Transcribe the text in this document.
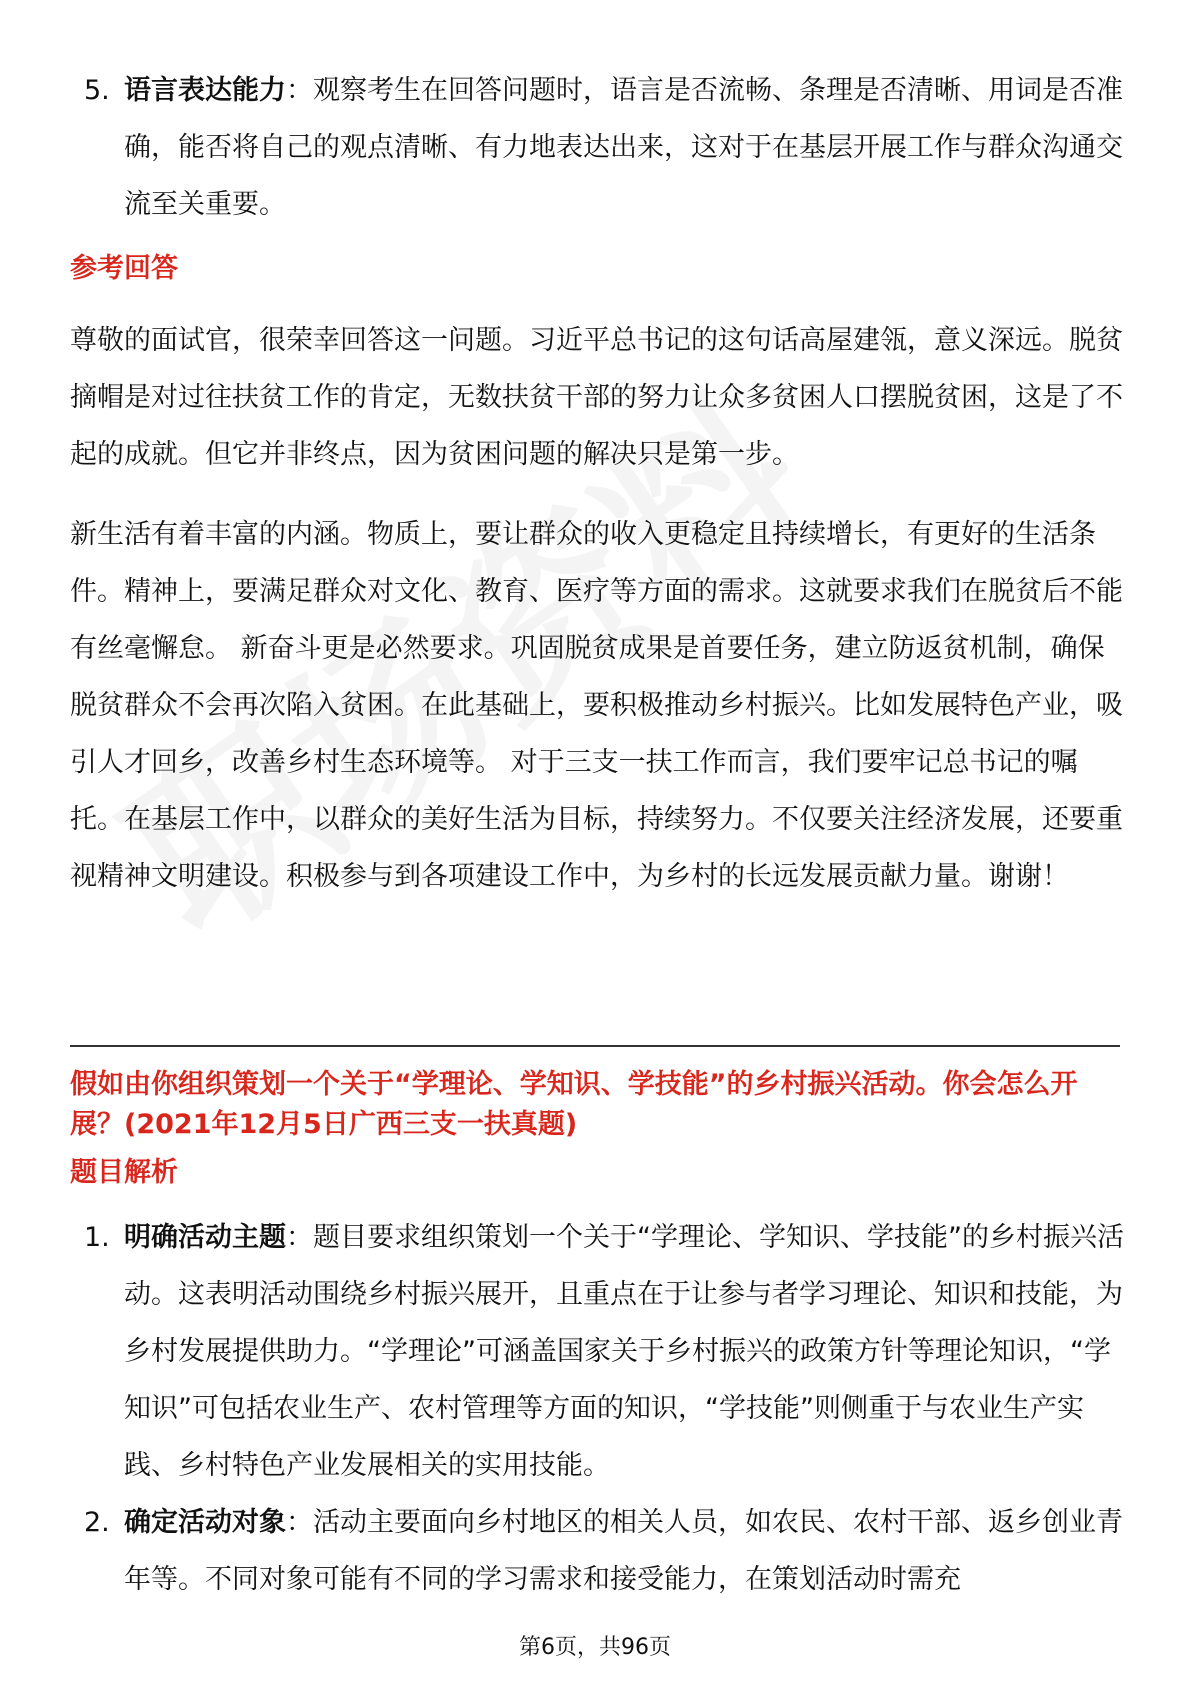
5. 语言表达能力：观察考生在回答问题时，语言是否流畅、条理是否清晰、用词是否准确，能否将自己的观点清晰、有力地表达出来，这对于在基层开展工作与群众沟通交流至关重要。
参考回答

尊敬的面试官，很荣幸回答这一问题。习近平总书记的这句话高屋建瓴，意义深远。脱贫摘帽是对过往扶贫工作的肯定，无数扶贫干部的努力让众多贫困人口摆脱贫困，这是了不起的成就。但它并非终点，因为贫困问题的解决只是第一步。

新生活有着丰富的内涵。物质上，要让群众的收入更稳定且持续增长，有更好的生活条件。精神上，要满足群众对文化、教育、医疗等方面的需求。这就要求我们在脱贫后不能有丝毫懈怠。 新奋斗更是必然要求。巩固脱贫成果是首要任务，建立防返贫机制，确保脱贫群众不会再次陷入贫困。在此基础上，要积极推动乡村振兴。比如发展特色产业，吸引人才回乡，改善乡村生态环境等。 对于三支一扶工作而言，我们要牢记总书记的嘱托。在基层工作中，以群众的美好生活为目标，持续努力。不仅要关注经济发展，还要重视精神文明建设。积极参与到各项建设工作中，为乡村的长远发展贡献力量。谢谢！

假如由你组织策划一个关于“学理论、学知识、学技能”的乡村振兴活动。你会怎么开展？(2021年12月5日广西三支一扶真题)
题目解析
1. 明确活动主题：题目要求组织策划一个关于“学理论、学知识、学技能”的乡村振兴活动。这表明活动围绕乡村振兴展开，且重点在于让参与者学习理论、知识和技能，为乡村发展提供助力。“学理论”可涵盖国家关于乡村振兴的政策方针等理论知识，“学知识”可包括农业生产、农村管理等方面的知识，“学技能”则侧重于与农业生产实践、乡村特色产业发展相关的实用技能。
2. 确定活动对象：活动主要面向乡村地区的相关人员，如农民、农村干部、返乡创业青年等。不同对象可能有不同的学习需求和接受能力，在策划活动时需充
第6页，共96页
